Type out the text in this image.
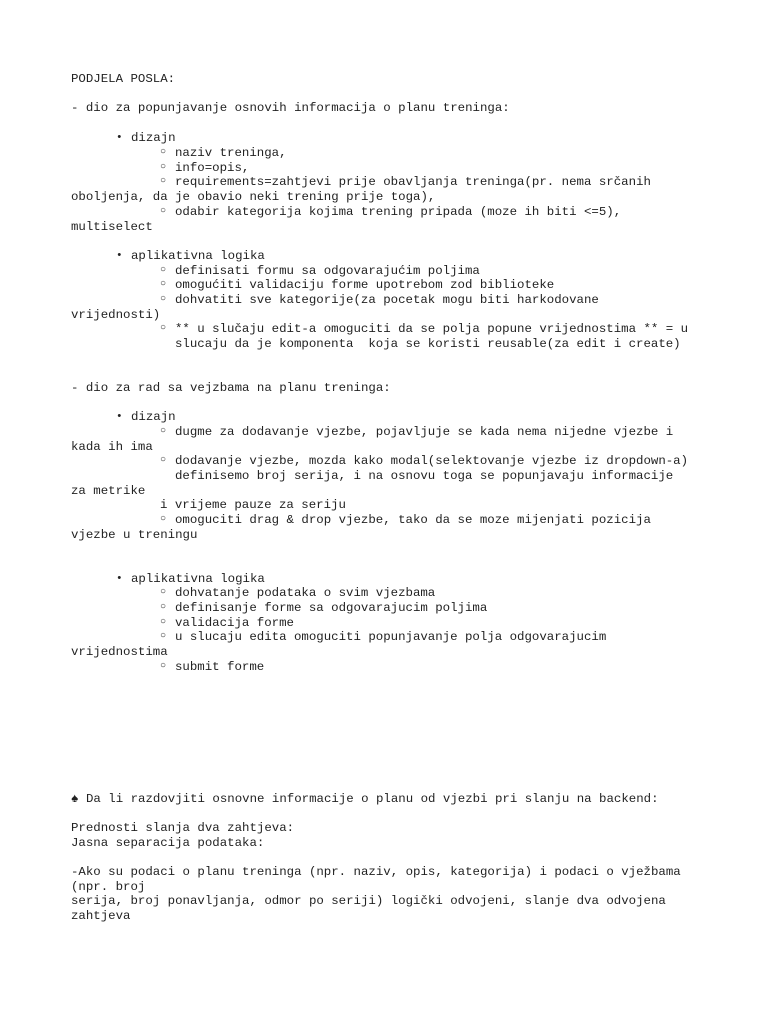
PODJELA POSLA:
- dio za popunjavanje osnovih informacija o planu treninga:
• dizajn
○ naziv treninga,
○ info=opis,
○ requirements=zahtjevi prije obavljanja treninga(pr. nema srčanih
obolјenja, da je obavio neki trening prije toga),
○ odabir kategorija kojima trening pripada (moze ih biti <=5),
multiselect
• aplikativna logika
○ definisati formu sa odgovarajućim poljima
○ omogućiti validaciju forme upotrebom zod biblioteke
○ dohvatiti sve kategorije(za pocetak mogu biti harkodovane
vrijednosti)
○ ** u slučaju edit-a omoguciti da se polja popune vrijednostima ** = u
slucaju da je komponenta  koja se koristi reusable(za edit i create)
- dio za rad sa vejzbama na planu treninga:
• dizajn
○ dugme za dodavanje vjezbe, pojavljuje se kada nema nijedne vjezbe i
kada ih ima
○ dodavanje vjezbe, mozda kako modal(selektovanje vjezbe iz dropdown-a)
definisemo broj serija, i na osnovu toga se popunjavaju informacije
za metrike
i vrijeme pauze za seriju
○ omoguciti drag & drop vjezbe, tako da se moze mijenjati pozicija
vjezbe u treningu
• aplikativna logika
○ dohvatanje podataka o svim vjezbama
○ definisanje forme sa odgovarajucim poljima
○ validacija forme
○ u slucaju edita omoguciti popunjavanje polja odgovarajucim
vrijednostima
○ submit forme
♠ Da li razdovjiti osnovne informacije o planu od vjezbi pri slanju na backend:
Prednosti slanja dva zahtjeva:
Jasna separacija podataka:
-Ako su podaci o planu treninga (npr. naziv, opis, kategorija) i podaci o vježbama
(npr. broj
serija, broj ponavljanja, odmor po seriji) logički odvojeni, slanje dva odvojena
zahtjeva
